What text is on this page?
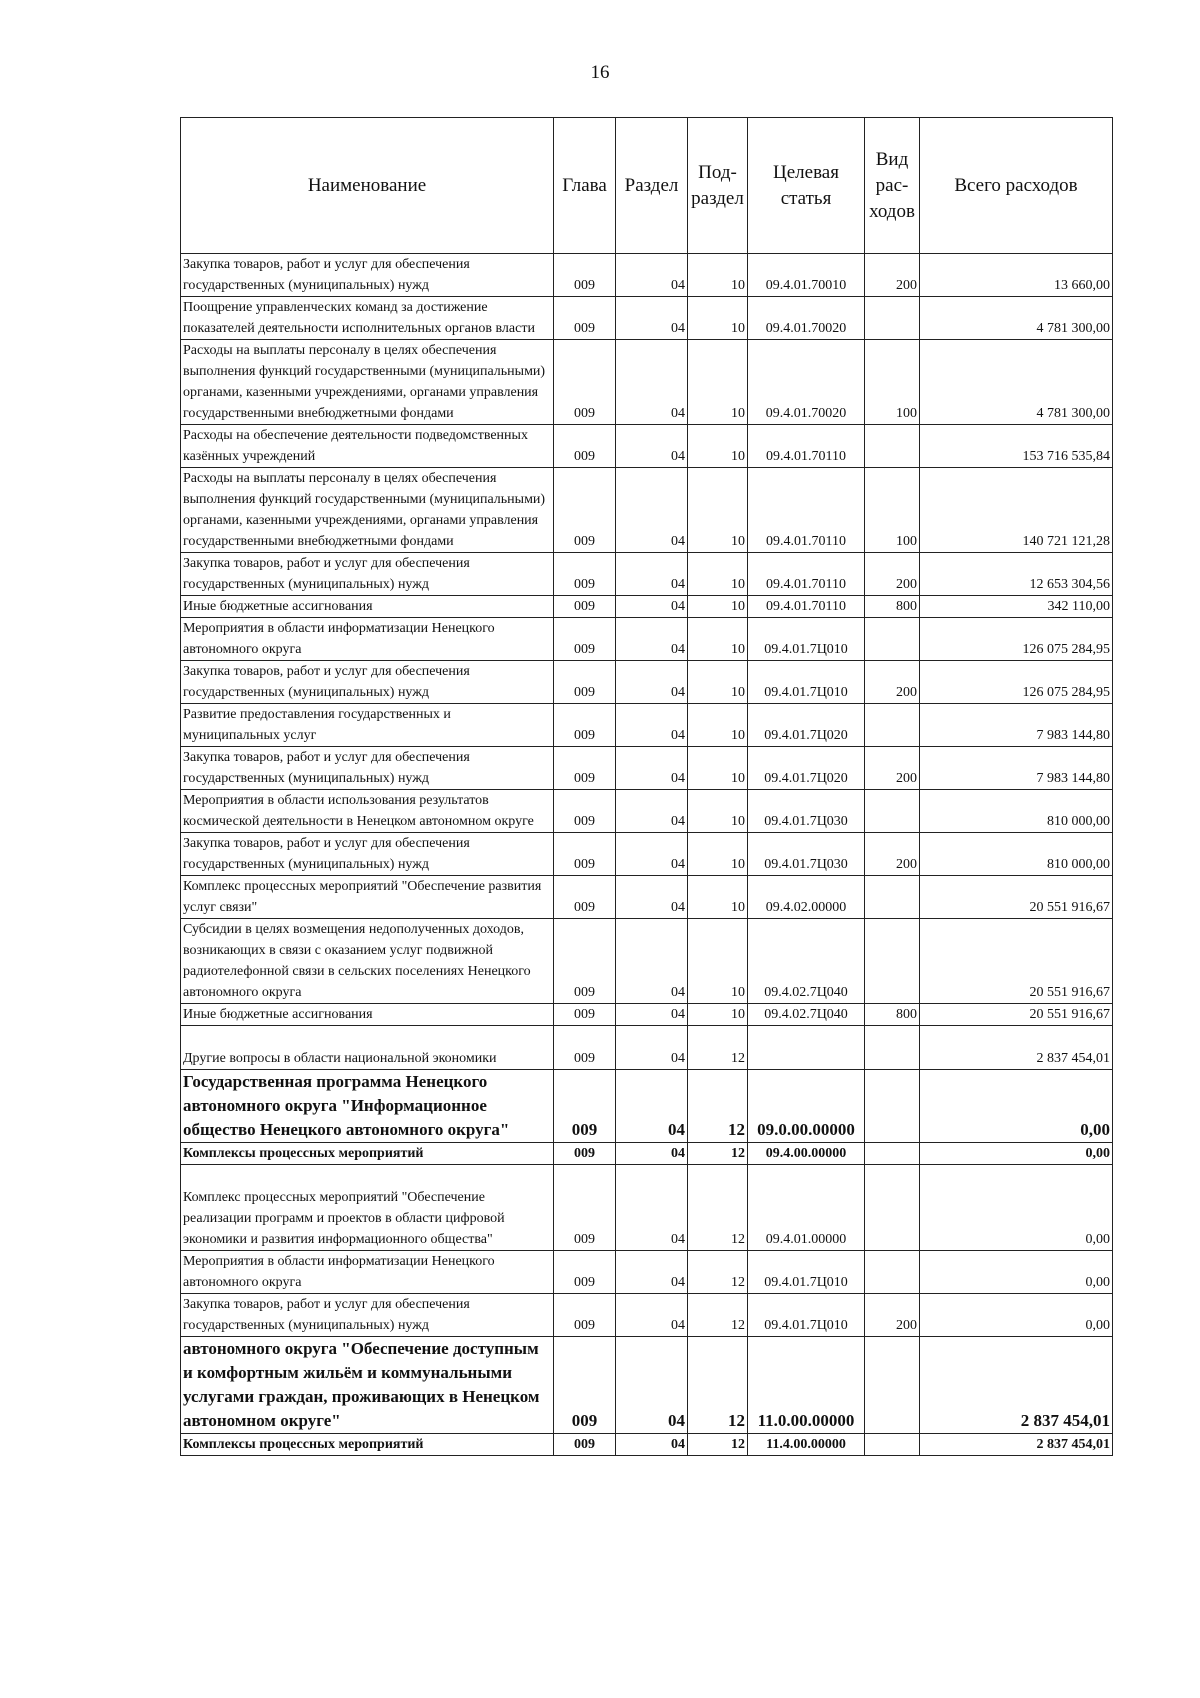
16
Наименование	Глава	Раздел	Под-раздел	Целевая статья	Вид рас-ходов	Всего расходов
Закупка товаров, работ и услуг для обеспечения государственных (муниципальных) нужд	009	04	10	09.4.01.70010	200	13 660,00
Поощрение управленческих команд за достижение показателей деятельности исполнительных органов власти	009	04	10	09.4.01.70020		4 781 300,00
Расходы на выплаты персоналу в целях обеспечения выполнения функций государственными (муниципальными) органами, казенными учреждениями, органами управления государственными внебюджетными фондами	009	04	10	09.4.01.70020	100	4 781 300,00
Расходы на обеспечение деятельности подведомственных казённых учреждений	009	04	10	09.4.01.70110		153 716 535,84
Расходы на выплаты персоналу в целях обеспечения выполнения функций государственными (муниципальными) органами, казенными учреждениями, органами управления государственными внебюджетными фондами	009	04	10	09.4.01.70110	100	140 721 121,28
Закупка товаров, работ и услуг для обеспечения государственных (муниципальных) нужд	009	04	10	09.4.01.70110	200	12 653 304,56
Иные бюджетные ассигнования	009	04	10	09.4.01.70110	800	342 110,00
Мероприятия в области информатизации Ненецкого автономного округа	009	04	10	09.4.01.7Ц010		126 075 284,95
Закупка товаров, работ и услуг для обеспечения государственных (муниципальных) нужд	009	04	10	09.4.01.7Ц010	200	126 075 284,95
Развитие предоставления государственных и муниципальных услуг	009	04	10	09.4.01.7Ц020		7 983 144,80
Закупка товаров, работ и услуг для обеспечения государственных (муниципальных) нужд	009	04	10	09.4.01.7Ц020	200	7 983 144,80
Мероприятия в области использования результатов космической деятельности в Ненецком автономном округе	009	04	10	09.4.01.7Ц030		810 000,00
Закупка товаров, работ и услуг для обеспечения государственных (муниципальных) нужд	009	04	10	09.4.01.7Ц030	200	810 000,00
Комплекс процессных мероприятий "Обеспечение развития услуг связи"	009	04	10	09.4.02.00000		20 551 916,67
Субсидии в целях возмещения недополученных доходов, возникающих в связи с оказанием услуг подвижной радиотелефонной связи в сельских поселениях Ненецкого автономного округа	009	04	10	09.4.02.7Ц040		20 551 916,67
Иные бюджетные ассигнования	009	04	10	09.4.02.7Ц040	800	20 551 916,67
Другие вопросы в области национальной экономики	009	04	12			2 837 454,01
Государственная программа Ненецкого автономного округа "Информационное общество Ненецкого автономного округа"	009	04	12	09.0.00.00000		0,00
Комплексы процессных мероприятий	009	04	12	09.4.00.00000		0,00
Комплекс процессных мероприятий "Обеспечение реализации программ и проектов в области цифровой экономики и развития информационного общества"	009	04	12	09.4.01.00000		0,00
Мероприятия в области информатизации Ненецкого автономного округа	009	04	12	09.4.01.7Ц010		0,00
Закупка товаров, работ и услуг для обеспечения государственных (муниципальных) нужд	009	04	12	09.4.01.7Ц010	200	0,00
автономного округа "Обеспечение доступным и комфортным жильём и коммунальными услугами граждан, проживающих в Ненецком автономном округе"	009	04	12	11.0.00.00000		2 837 454,01
Комплексы процессных мероприятий	009	04	12	11.4.00.00000		2 837 454,01
